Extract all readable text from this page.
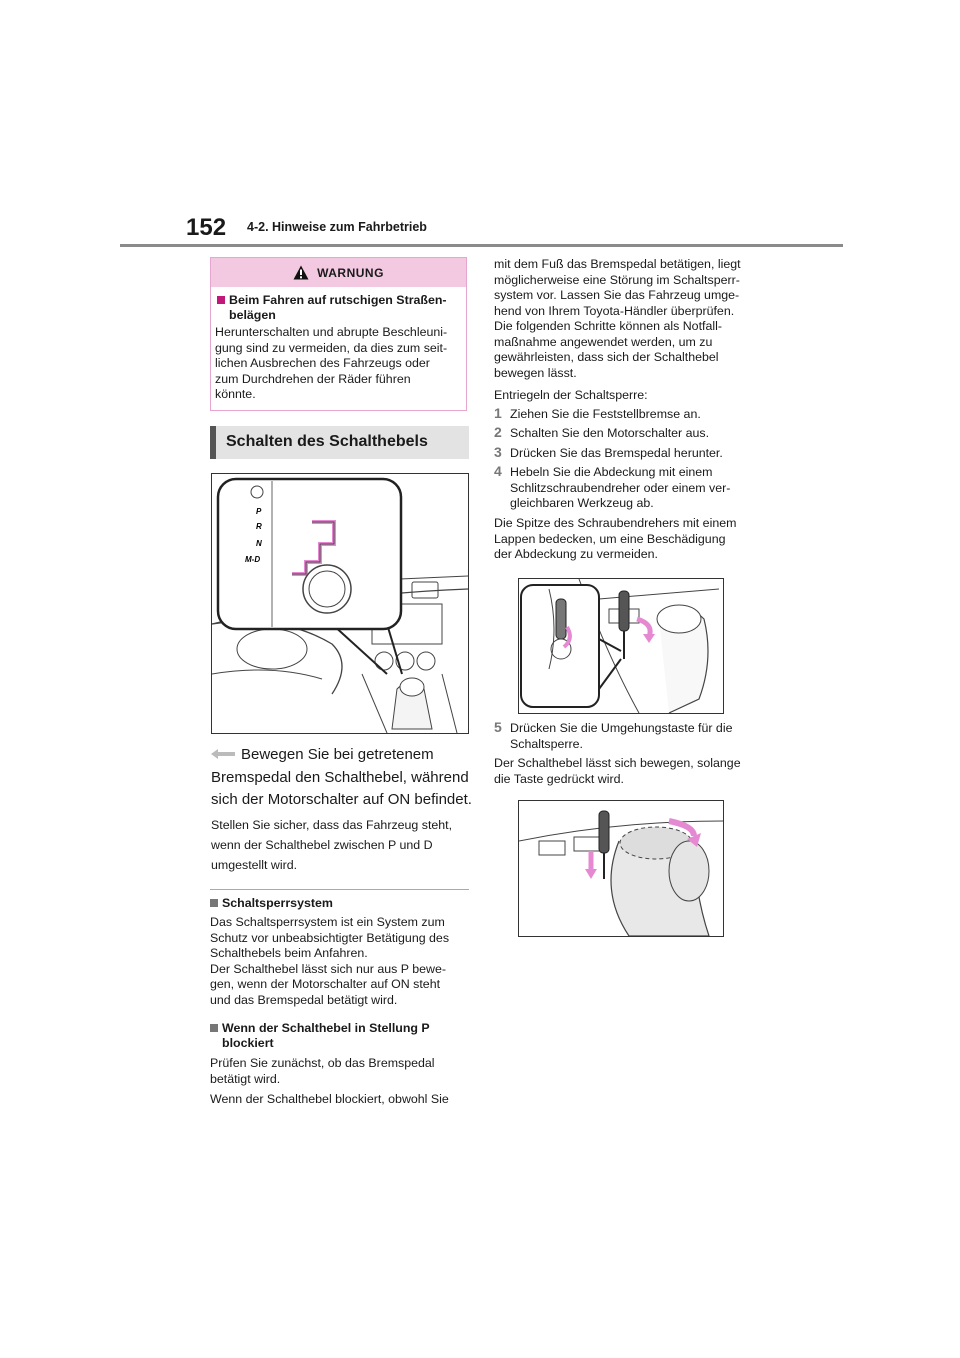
152 4-2. Hinweise zum Fahrbetrieb
WARNUNG
Beim Fahren auf rutschigen Straßen-
belägen
Herunterschalten und abrupte Beschleuni-
gung sind zu vermeiden, da dies zum seit-
lichen Ausbrechen des Fahrzeugs oder
zum Durchdrehen der Räder führen
könnte.
Schalten des Schalthebels
P
R
N
M-D
Bewegen Sie bei getretenem
Bremspedal den Schalthebel, während
sich der Motorschalter auf ON befindet.
Stellen Sie sicher, dass das Fahrzeug steht,
wenn der Schalthebel zwischen P und D
umgestellt wird.
Schaltsperrsystem
Das Schaltsperrsystem ist ein System zum
Schutz vor unbeabsichtigter Betätigung des
Schalthebels beim Anfahren.
Der Schalthebel lässt sich nur aus P bewe-
gen, wenn der Motorschalter auf ON steht
und das Bremspedal betätigt wird.
Wenn der Schalthebel in Stellung P
blockiert
Prüfen Sie zunächst, ob das Bremspedal
betätigt wird.
Wenn der Schalthebel blockiert, obwohl Sie
mit dem Fuß das Bremspedal betätigen, liegt
möglicherweise eine Störung im Schaltsperr-
system vor. Lassen Sie das Fahrzeug umge-
hend von Ihrem Toyota-Händler überprüfen.
Die folgenden Schritte können als Notfall-
maßnahme angewendet werden, um zu
gewährleisten, dass sich der Schalthebel
bewegen lässt.
Entriegeln der Schaltsperre:
1 Ziehen Sie die Feststellbremse an.
2 Schalten Sie den Motorschalter aus.
3 Drücken Sie das Bremspedal herunter.
4 Hebeln Sie die Abdeckung mit einem
Schlitzschraubendreher oder einem ver-
gleichbaren Werkzeug ab.
Die Spitze des Schraubendrehers mit einem
Lappen bedecken, um eine Beschädigung
der Abdeckung zu vermeiden.
5 Drücken Sie die Umgehungstaste für die
Schaltsperre.
Der Schalthebel lässt sich bewegen, solange
die Taste gedrückt wird.
